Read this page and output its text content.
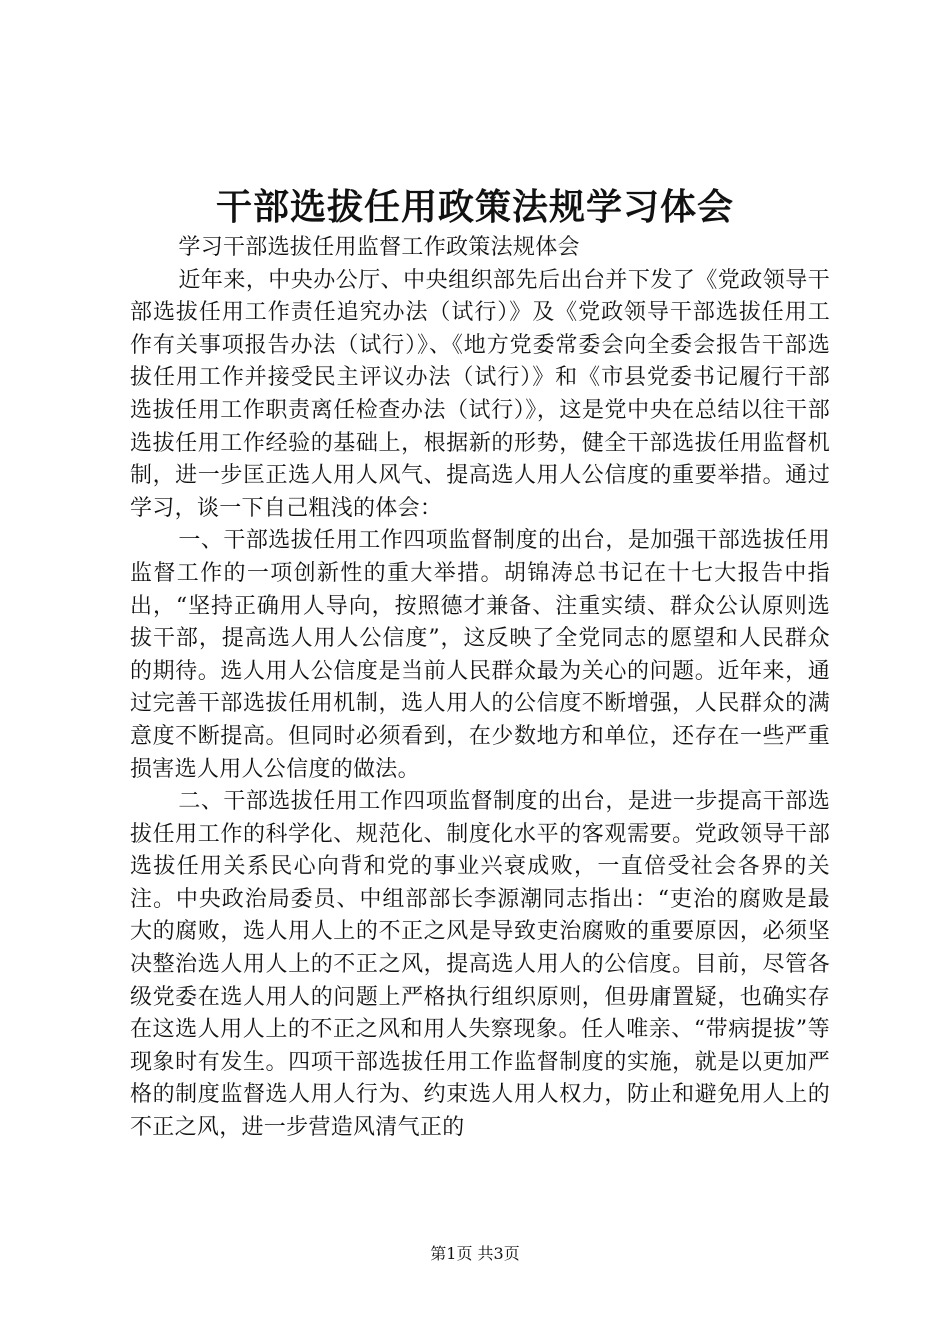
干部选拔任用政策法规学习体会

学习干部选拔任用监督工作政策法规体会

近年来，中央办公厅、中央组织部先后出台并下发了《党政领导干部选拔任用工作责任追究办法（试行）》及《党政领导干部选拔任用工作有关事项报告办法（试行）》、《地方党委常委会向全委会报告干部选拔任用工作并接受民主评议办法（试行）》和《市县党委书记履行干部选拔任用工作职责离任检查办法（试行）》，这是党中央在总结以往干部选拔任用工作经验的基础上，根据新的形势，健全干部选拔任用监督机制，进一步匡正选人用人风气、提高选人用人公信度的重要举措。通过学习，谈一下自己粗浅的体会：

一、干部选拔任用工作四项监督制度的出台，是加强干部选拔任用监督工作的一项创新性的重大举措。胡锦涛总书记在十七大报告中指出，“坚持正确用人导向，按照德才兼备、注重实绩、群众公认原则选拔干部，提高选人用人公信度”，这反映了全党同志的愿望和人民群众的期待。选人用人公信度是当前人民群众最为关心的问题。近年来，通过完善干部选拔任用机制，选人用人的公信度不断增强，人民群众的满意度不断提高。但同时必须看到，在少数地方和单位，还存在一些严重损害选人用人公信度的做法。

二、干部选拔任用工作四项监督制度的出台，是进一步提高干部选拔任用工作的科学化、规范化、制度化水平的客观需要。党政领导干部选拔任用关系民心向背和党的事业兴衰成败，一直倍受社会各界的关注。中央政治局委员、中组部部长李源潮同志指出：“吏治的腐败是最大的腐败，选人用人上的不正之风是导致吏治腐败的重要原因，必须坚决整治选人用人上的不正之风，提高选人用人的公信度。目前，尽管各级党委在选人用人的问题上严格执行组织原则，但毋庸置疑，也确实存在这选人用人上的不正之风和用人失察现象。任人唯亲、“带病提拔”等现象时有发生。四项干部选拔任用工作监督制度的实施，就是以更加严格的制度监督选人用人行为、约束选人用人权力，防止和避免用人上的不正之风，进一步营造风清气正的

第1页 共3页
